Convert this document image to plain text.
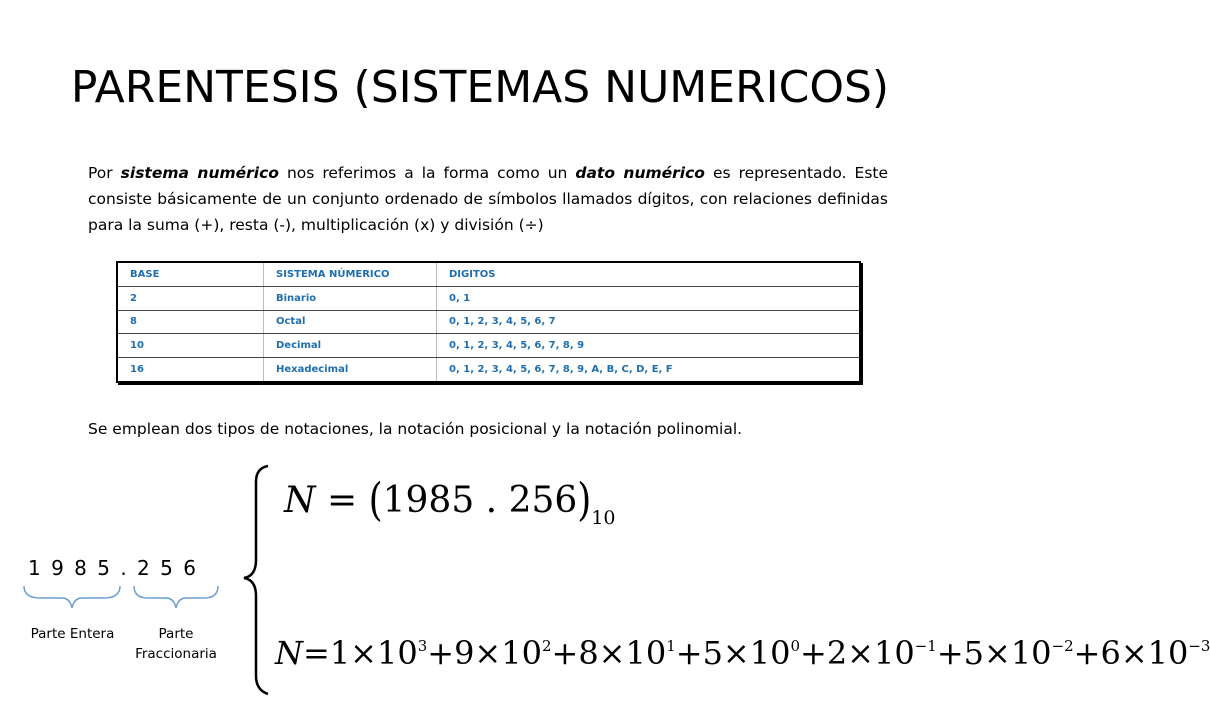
PARENTESIS (SISTEMAS NUMERICOS)
Por sistema numérico nos referimos a la forma como un dato numérico es representado. Este consiste básicamente de un conjunto ordenado de símbolos llamados dígitos, con relaciones definidas para la suma (+), resta (-), multiplicación (x) y división (÷)
BASE	SISTEMA NÚMERICO	DIGITOS
2	Binario	0, 1
8	Octal	0, 1, 2, 3, 4, 5, 6, 7
10	Decimal	0, 1, 2, 3, 4, 5, 6, 7, 8, 9
16	Hexadecimal	0, 1, 2, 3, 4, 5, 6, 7, 8, 9, A, B, C, D, E, F
Se emplean dos tipos de notaciones, la notación posicional y la notación polinomial.
1 9 8 5 . 2 5 6
Parte Entera	Parte Fraccionaria
N = (1985 . $256)_{10}$
$N=1\times 10^3+9\times 10^2+8\times 10^1+5\times 10^0+2\times 10^{-1}+5\times 10^{-2}+6\times 10^{-3}$
